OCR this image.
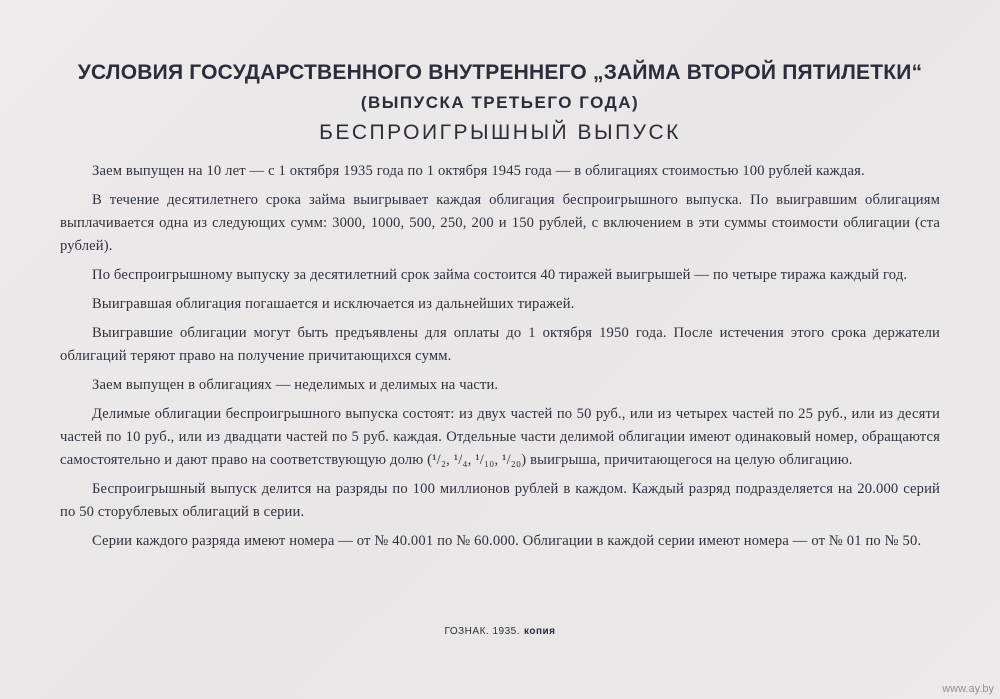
УСЛОВИЯ ГОСУДАРСТВЕННОГО ВНУТРЕННЕГО „ЗАЙМА ВТОРОЙ ПЯТИЛЕТКИ“

(ВЫПУСКА ТРЕТЬЕГО ГОДА)

БЕСПРОИГРЫШНЫЙ ВЫПУСК

Заем выпущен на 10 лет — с 1 октября 1935 года по 1 октября 1945 года — в облигациях стоимостью 100 рублей каждая.

В течение десятилетнего срока займа выигрывает каждая облигация беспроигрышного выпуска. По выигравшим облигациям выплачивается одна из следующих сумм: 3000, 1000, 500, 250, 200 и 150 рублей, с включением в эти суммы стоимости облигации (ста рублей).

По беспроигрышному выпуску за десятилетний срок займа состоится 40 тиражей выигрышей — по четыре тиража каждый год.

Выигравшая облигация погашается и исключается из дальнейших тиражей.

Выигравшие облигации могут быть предъявлены для оплаты до 1 октября 1950 года. После истечения этого срока держатели облигаций теряют право на получение причитающихся сумм.

Заем выпущен в облигациях — неделимых и делимых на части.

Делимые облигации беспроигрышного выпуска состоят: из двух частей по 50 руб., или из четырех частей по 25 руб., или из десяти частей по 10 руб., или из двадцати частей по 5 руб. каждая. Отдельные части делимой облигации имеют одинаковый номер, обращаются самостоятельно и дают право на соответствующую долю (¹/₂, ¹/₄, ¹/₁₀, ¹/₂₀) выигрыша, причитающегося на целую облигацию.

Беспроигрышный выпуск делится на разряды по 100 миллионов рублей в каждом. Каждый разряд подразделяется на 20.000 серий по 50 сторублевых облигаций в серии.

Серии каждого разряда имеют номера — от № 40.001 по № 60.000. Облигации в каждой серии имеют номера — от № 01 по № 50.

ГОЗНАК. 1935. копия
www.ay.by
